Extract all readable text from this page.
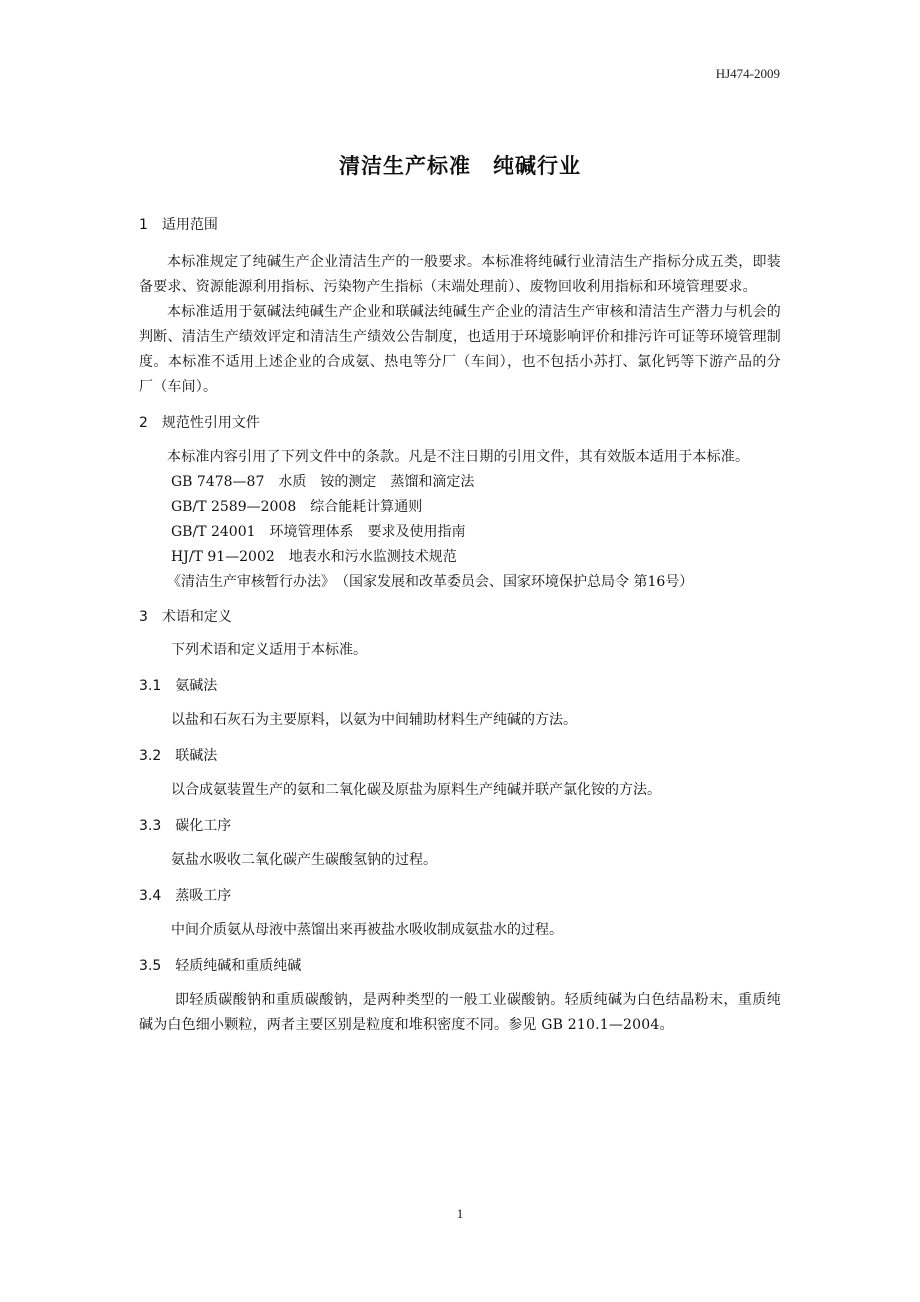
HJ474-2009
清洁生产标准　纯碱行业
1　适用范围

本标准规定了纯碱生产企业清洁生产的一般要求。本标准将纯碱行业清洁生产指标分成五类，即装备要求、资源能源利用指标、污染物产生指标（末端处理前）、废物回收利用指标和环境管理要求。

本标准适用于氨碱法纯碱生产企业和联碱法纯碱生产企业的清洁生产审核和清洁生产潜力与机会的判断、清洁生产绩效评定和清洁生产绩效公告制度，也适用于环境影响评价和排污许可证等环境管理制度。本标准不适用上述企业的合成氨、热电等分厂（车间），也不包括小苏打、氯化钙等下游产品的分厂（车间）。

2　规范性引用文件

本标准内容引用了下列文件中的条款。凡是不注日期的引用文件，其有效版本适用于本标准。

GB 7478—87　水质　铵的测定　蒸馏和滴定法

GB/T 2589—2008　综合能耗计算通则

GB/T 24001　环境管理体系　要求及使用指南

HJ/T 91—2002　地表水和污水监测技术规范

《清洁生产审核暂行办法》　（国家发展和改革委员会、国家环境保护总局令 第16号）

3　术语和定义

下列术语和定义适用于本标准。

3.1　氨碱法

以盐和石灰石为主要原料，以氨为中间辅助材料生产纯碱的方法。

3.2　联碱法

以合成氨装置生产的氨和二氧化碳及原盐为原料生产纯碱并联产氯化铵的方法。

3.3　碳化工序

氨盐水吸收二氧化碳产生碳酸氢钠的过程。

3.4　蒸吸工序

中间介质氨从母液中蒸馏出来再被盐水吸收制成氨盐水的过程。

3.5　轻质纯碱和重质纯碱

即轻质碳酸钠和重质碳酸钠，是两种类型的一般工业碳酸钠。轻质纯碱为白色结晶粉末，重质纯碱为白色细小颗粒，两者主要区别是粒度和堆积密度不同。参见 GB 210.1—2004。

1
